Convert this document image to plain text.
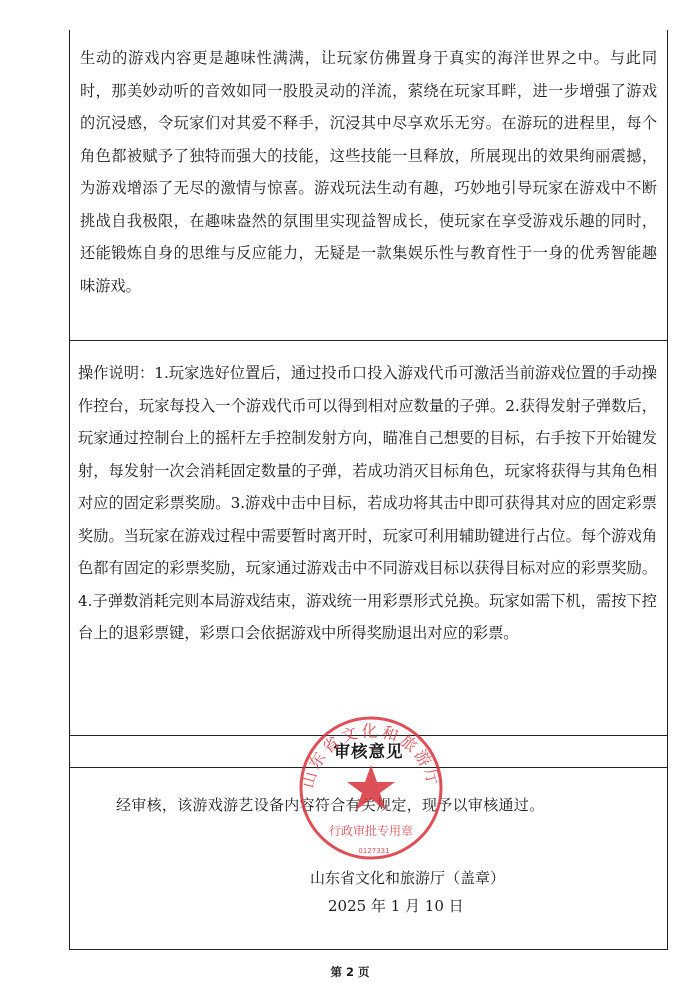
生动的游戏内容更是趣味性满满，让玩家仿佛置身于真实的海洋世界之中。与此同时，那美妙动听的音效如同一股股灵动的洋流，萦绕在玩家耳畔，进一步增强了游戏的沉浸感，令玩家们对其爱不释手，沉浸其中尽享欢乐无穷。在游玩的进程里，每个角色都被赋予了独特而强大的技能，这些技能一旦释放，所展现出的效果绚丽震撼，为游戏增添了无尽的激情与惊喜。游戏玩法生动有趣，巧妙地引导玩家在游戏中不断挑战自我极限，在趣味盎然的氛围里实现益智成长，使玩家在享受游戏乐趣的同时，还能锻炼自身的思维与反应能力，无疑是一款集娱乐性与教育性于一身的优秀智能趣味游戏。

操作说明：1.玩家选好位置后，通过投币口投入游戏代币可激活当前游戏位置的手动操作控台，玩家每投入一个游戏代币可以得到相对应数量的子弹。2.获得发射子弹数后，玩家通过控制台上的摇杆左手控制发射方向，瞄准自己想要的目标，右手按下开始键发射，每发射一次会消耗固定数量的子弹，若成功消灭目标角色，玩家将获得与其角色相对应的固定彩票奖励。3.游戏中击中目标，若成功将其击中即可获得其对应的固定彩票奖励。当玩家在游戏过程中需要暂时离开时，玩家可利用辅助键进行占位。每个游戏角色都有固定的彩票奖励，玩家通过游戏击中不同游戏目标以获得目标对应的彩票奖励。4.子弹数消耗完则本局游戏结束，游戏统一用彩票形式兑换。玩家如需下机，需按下控台上的退彩票键，彩票口会依据游戏中所得奖励退出对应的彩票。

审核意见
经审核，该游戏游艺设备内容符合有关规定，现予以审核通过。
山东省文化和旅游厅（盖章）
2025 年 1 月 10 日
山东省文化和旅游厅
行政审批专用章
0127331
第 2 页
